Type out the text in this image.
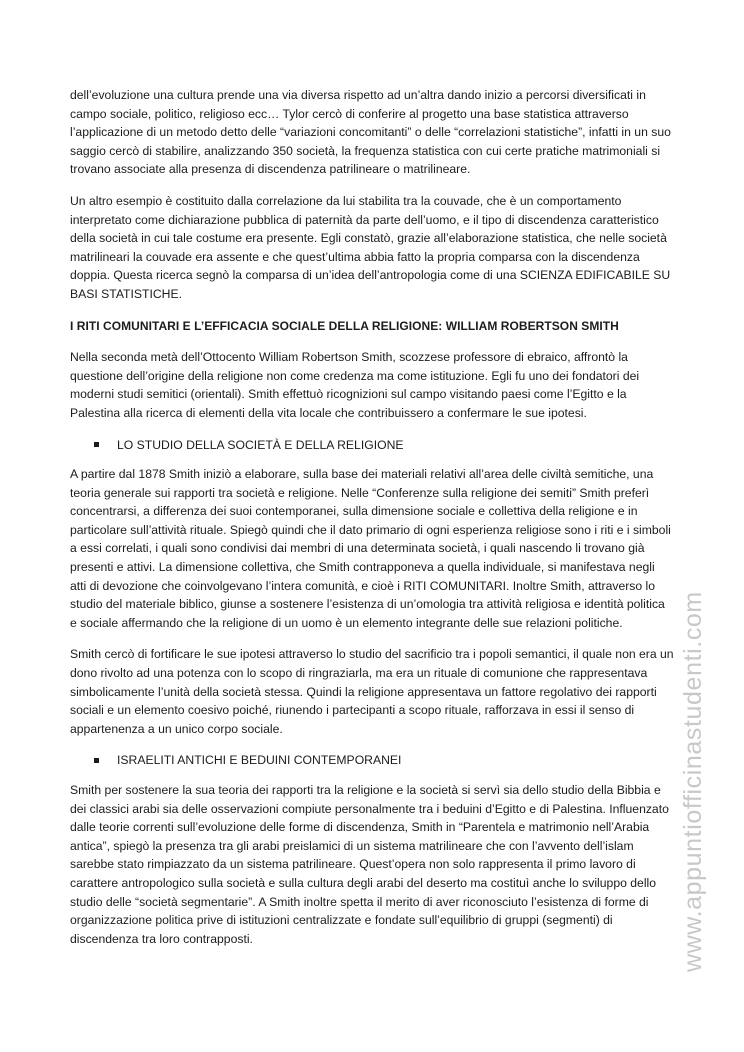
dell’evoluzione una cultura prende una via diversa rispetto ad un’altra dando inizio a percorsi diversificati in campo sociale, politico, religioso ecc… Tylor cercò di conferire al progetto una base statistica attraverso l’applicazione di un metodo detto delle “variazioni concomitanti” o delle “correlazioni statistiche”, infatti in un suo saggio cercò di stabilire, analizzando 350 società, la frequenza statistica con cui certe pratiche matrimoniali si trovano associate alla presenza di discendenza patrilineare o matrilineare.

Un altro esempio è costituito dalla correlazione da lui stabilita tra la couvade, che è un comportamento interpretato come dichiarazione pubblica di paternità da parte dell’uomo, e il tipo di discendenza caratteristico della società in cui tale costume era presente. Egli constatò, grazie all’elaborazione statistica, che nelle società matrilineari la couvade era assente e che quest’ultima abbia fatto la propria comparsa con la discendenza doppia. Questa ricerca segnò la comparsa di un’idea dell’antropologia come di una SCIENZA EDIFICABILE SU BASI STATISTICHE.

I RITI COMUNITARI E L’EFFICACIA SOCIALE DELLA RELIGIONE: WILLIAM ROBERTSON SMITH

Nella seconda metà dell’Ottocento William Robertson Smith, scozzese professore di ebraico, affrontò la questione dell’origine della religione non come credenza ma come istituzione. Egli fu uno dei fondatori dei moderni studi semitici (orientali). Smith effettuò ricognizioni sul campo visitando paesi come l’Egitto e la Palestina alla ricerca di elementi della vita locale che contribuissero a confermare le sue ipotesi.

LO STUDIO DELLA SOCIETÀ E DELLA RELIGIONE

A partire dal 1878 Smith iniziò a elaborare, sulla base dei materiali relativi all’area delle civiltà semitiche, una teoria generale sui rapporti tra società e religione. Nelle “Conferenze sulla religione dei semiti” Smith preferì concentrarsi, a differenza dei suoi contemporanei, sulla dimensione sociale e collettiva della religione e in particolare sull’attività rituale. Spiegò quindi che il dato primario di ogni esperienza religiose sono i riti e i simboli a essi correlati, i quali sono condivisi dai membri di una determinata società, i quali nascendo li trovano già presenti e attivi. La dimensione collettiva, che Smith contrapponeva a quella individuale, si manifestava negli atti di devozione che coinvolgevano l’intera comunità, e cioè i RITI COMUNITARI. Inoltre Smith, attraverso lo studio del materiale biblico, giunse a sostenere l’esistenza di un’omologia tra attività religiosa e identità politica e sociale affermando che la religione di un uomo è un elemento integrante delle sue relazioni politiche.

Smith cercò di fortificare le sue ipotesi attraverso lo studio del sacrificio tra i popoli semantici, il quale non era un dono rivolto ad una potenza con lo scopo di ringraziarla, ma era un rituale di comunione che rappresentava simbolicamente l’unità della società stessa. Quindi la religione appresentava un fattore regolativo dei rapporti sociali e un elemento coesivo poiché, riunendo i partecipanti a scopo rituale, rafforzava in essi il senso di appartenenza a un unico corpo sociale.

ISRAELITI ANTICHI E BEDUINI CONTEMPORANEI

Smith per sostenere la sua teoria dei rapporti tra la religione e la società si servì sia dello studio della Bibbia e dei classici arabi sia delle osservazioni compiute personalmente tra i beduini d’Egitto e di Palestina. Influenzato dalle teorie correnti sull’evoluzione delle forme di discendenza, Smith in “Parentela e matrimonio nell’Arabia antica”, spiegò la presenza tra gli arabi preislamici di un sistema matrilineare che con l’avvento dell’islam sarebbe stato rimpiazzato da un sistema patrilineare. Quest’opera non solo rappresenta il primo lavoro di carattere antropologico sulla società e sulla cultura degli arabi del deserto ma costituì anche lo sviluppo dello studio delle “società segmentarie”. A Smith inoltre spetta il merito di aver riconosciuto l’esistenza di forme di organizzazione politica prive di istituzioni centralizzate e fondate sull’equilibrio di gruppi (segmenti) di discendenza tra loro contrapposti.	www.appuntiofficinastudenti.com
